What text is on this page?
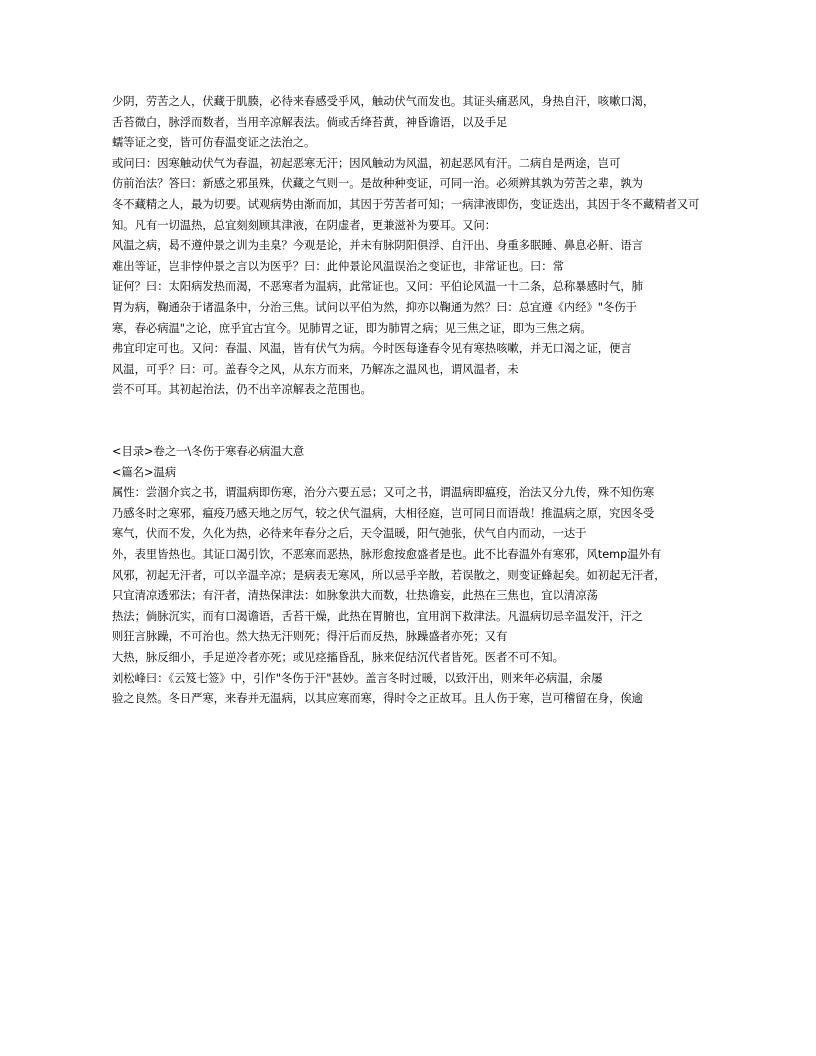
少阴，劳苦之人，伏藏于肌腠，必待来春感受乎风，触动伏气而发也。其证头痛恶风，身热自汗，咳嗽口渴，

舌苔微白，脉浮而数者，当用辛凉解表法。倘或舌绛苔黄，神昏谵语，以及手足

蠕等证之变，皆可仿春温变证之法治之。

或问曰：因寒触动伏气为春温，初起恶寒无汗；因风触动为风温，初起恶风有汗。二病自是两途，岂可

仿前治法？答曰：新感之邪虽殊，伏藏之气则一。是故种种变证，可同一治。必须辨其孰为劳苦之辈，孰为

冬不藏精之人，最为切要。试观病势由渐而加，其因于劳苦者可知；一病津液即伤，变证迭出，其因于冬不藏精者又可知。凡有一切温热，总宜刻刻顾其津液，在阴虚者，更兼滋补为要耳。又问：

风温之病，曷不遵仲景之训为圭臬？今观是论，并未有脉阴阳俱浮、自汗出、身重多眠睡、鼻息必鼾、语言

难出等证，岂非悖仲景之言以为医乎？曰：此仲景论风温误治之变证也，非常证也。曰：常

证何？曰：太阳病发热而渴，不恶寒者为温病，此常证也。又问：平伯论风温一十二条，总称暴感时气，肺

胃为病，鞠通杂于诸温条中，分治三焦。试问以平伯为然，抑亦以鞠通为然？曰：总宜遵《内经》"冬伤于

寒，春必病温"之论，庶乎宜古宜今。见肺胃之证，即为肺胃之病；见三焦之证，即为三焦之病。

弗宜印定可也。又问：春温、风温，皆有伏气为病。今时医每逢春令见有寒热咳嗽，并无口渴之证，便言

风温，可乎？曰：可。盖春令之风，从东方而来，乃解冻之温风也，谓风温者，未

尝不可耳。其初起治法，仍不出辛凉解表之范围也。

<目录>卷之一\冬伤于寒春必病温大意

<篇名>温病

属性：尝涸介宾之书，谓温病即伤寒，治分六要五忌；又可之书，谓温病即瘟疫，治法又分九传，殊不知伤寒

乃感冬时之寒邪，瘟疫乃感天地之厉气，较之伏气温病，大相径庭，岂可同日而语哉！推温病之原，究因冬受

寒气，伏而不发，久化为热，必待来年春分之后，天令温暖，阳气弛张，伏气自内而动，一达于

外，表里皆热也。其证口渴引饮，不恶寒而恶热，脉形愈按愈盛者是也。此不比春温外有寒邪，风temp温外有

风邪，初起无汗者，可以辛温辛凉；是病表无寒风，所以忌乎辛散，若误散之，则变证蜂起矣。如初起无汗者，

只宜清凉透邪法；有汗者，清热保津法：如脉象洪大而数，壮热谵妄，此热在三焦也，宜以清凉荡

热法；倘脉沉实，而有口渴谵语，舌苔干燥，此热在胃腑也，宜用润下救津法。凡温病切忌辛温发汗，汗之

则狂言脉躁，不可治也。然大热无汗则死；得汗后而反热，脉躁盛者亦死；又有

大热，脉反细小，手足逆冷者亦死；或见痉搐昏乱，脉来促结沉代者皆死。医者不可不知。

刘松峰曰：《云笈七签》中，引作"冬伤于汗"甚妙。盖言冬时过暖，以致汗出，则来年必病温，余屡

验之良然。冬日严寒，来春并无温病，以其应寒而寒，得时令之正故耳。且人伤于寒，岂可稽留在身，俟逾
